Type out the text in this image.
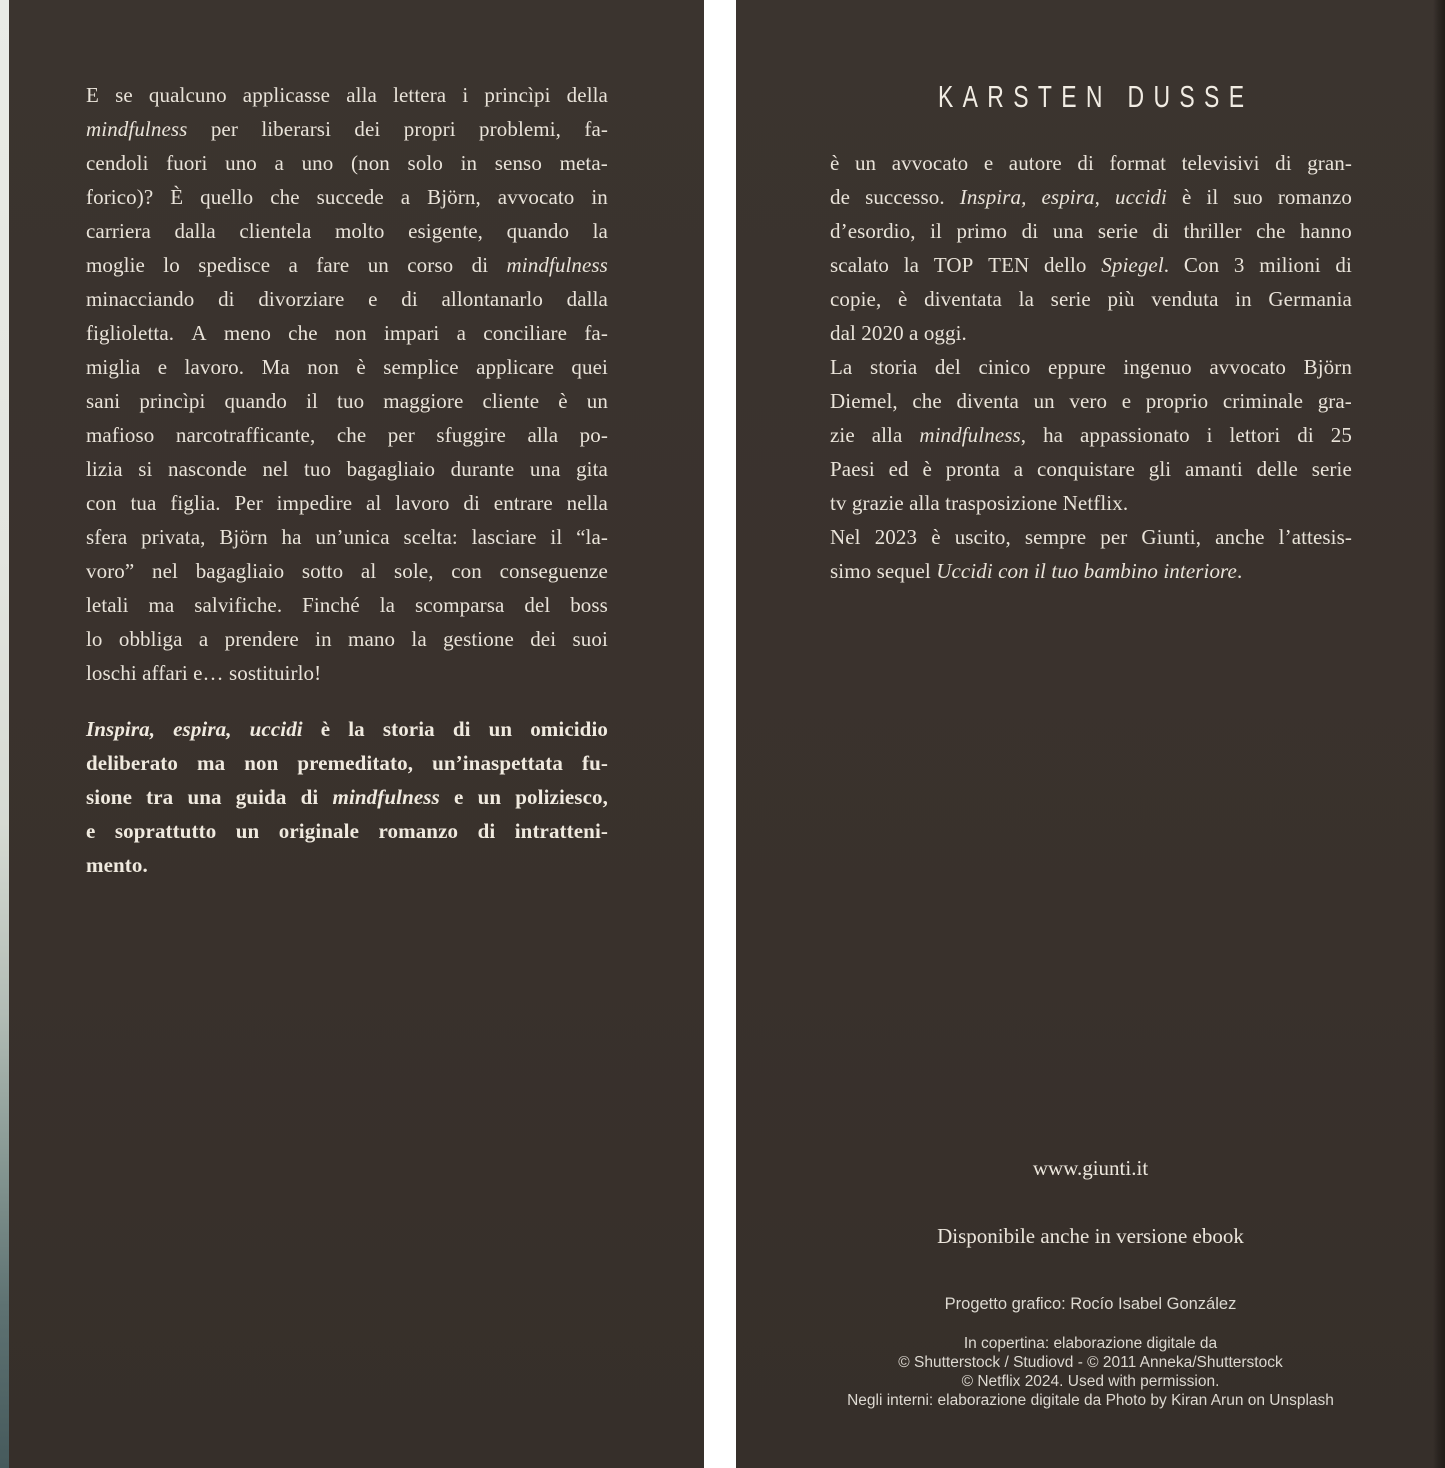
E se qualcuno applicasse alla lettera i princìpi della
mindfulness per liberarsi dei propri problemi, fa-
cendoli fuori uno a uno (non solo in senso meta-
forico)? È quello che succede a Björn, avvocato in
carriera dalla clientela molto esigente, quando la
moglie lo spedisce a fare un corso di mindfulness
minacciando di divorziare e di allontanarlo dalla
figlioletta. A meno che non impari a conciliare fa-
miglia e lavoro. Ma non è semplice applicare quei
sani princìpi quando il tuo maggiore cliente è un
mafioso narcotrafficante, che per sfuggire alla po-
lizia si nasconde nel tuo bagagliaio durante una gita
con tua figlia. Per impedire al lavoro di entrare nella
sfera privata, Björn ha un’unica scelta: lasciare il “la-
voro” nel bagagliaio sotto al sole, con conseguenze
letali ma salvifiche. Finché la scomparsa del boss
lo obbliga a prendere in mano la gestione dei suoi
loschi affari e… sostituirlo!
Inspira, espira, uccidi è la storia di un omicidio
deliberato ma non premeditato, un’inaspettata fu-
sione tra una guida di mindfulness e un poliziesco,
e soprattutto un originale romanzo di intratteni-
mento.
KARSTEN DUSSE
è un avvocato e autore di format televisivi di gran-
de successo. Inspira, espira, uccidi è il suo romanzo
d’esordio, il primo di una serie di thriller che hanno
scalato la TOP TEN dello Spiegel. Con 3 milioni di
copie, è diventata la serie più venduta in Germania
dal 2020 a oggi.
La storia del cinico eppure ingenuo avvocato Björn
Diemel, che diventa un vero e proprio criminale gra-
zie alla mindfulness, ha appassionato i lettori di 25
Paesi ed è pronta a conquistare gli amanti delle serie
tv grazie alla trasposizione Netflix.
Nel 2023 è uscito, sempre per Giunti, anche l’attesis-
simo sequel Uccidi con il tuo bambino interiore.
www.giunti.it
Disponibile anche in versione ebook
Progetto grafico: Rocío Isabel González
In copertina: elaborazione digitale da
© Shutterstock / Studiovd - © 2011 Anneka/Shutterstock
© Netflix 2024. Used with permission.
Negli interni: elaborazione digitale da Photo by Kiran Arun on Unsplash
